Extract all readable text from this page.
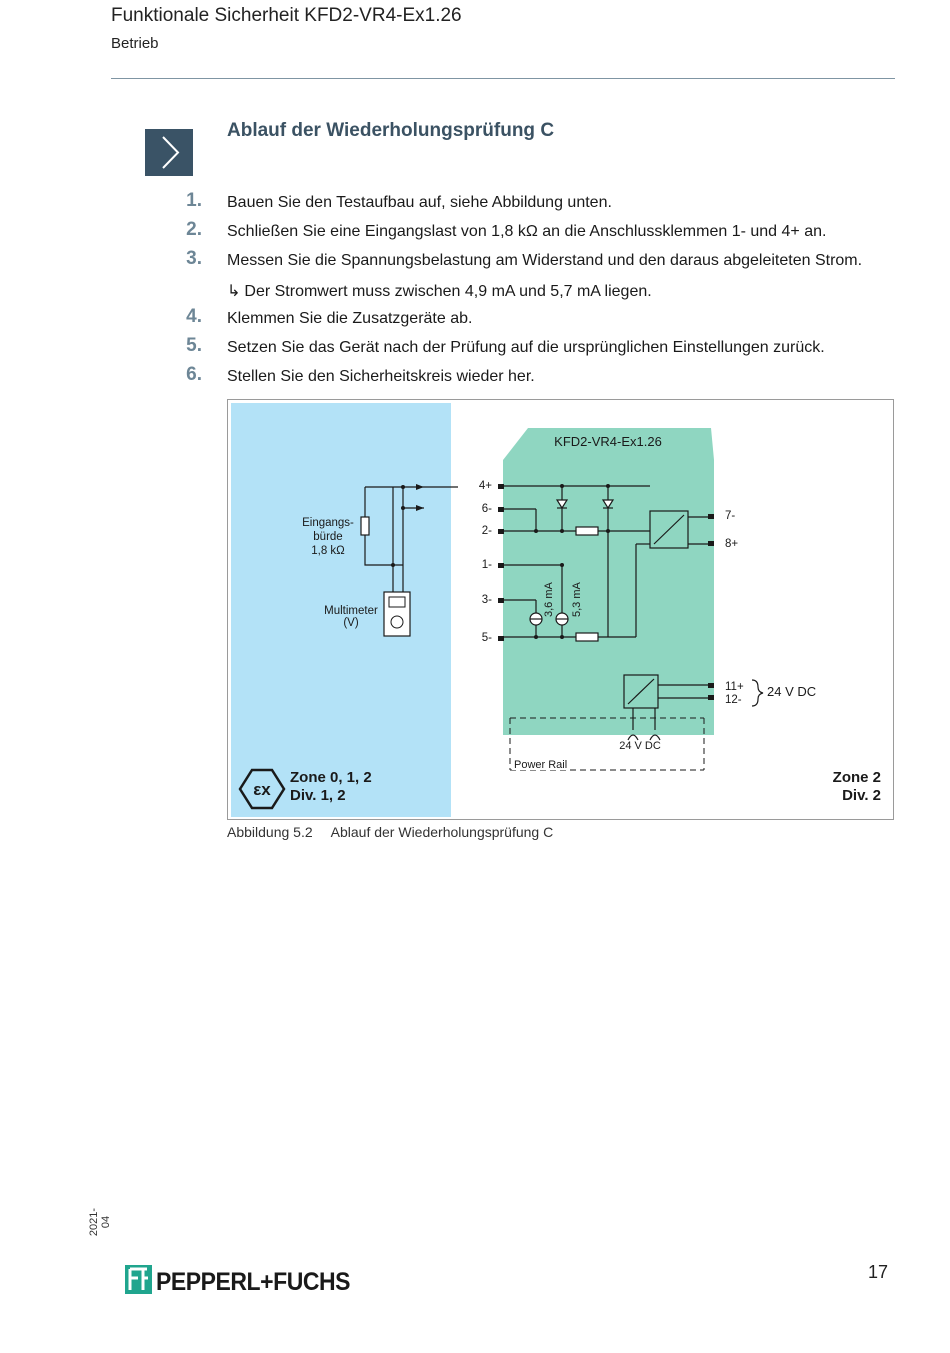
Funktionale Sicherheit KFD2-VR4-Ex1.26
Betrieb
Ablauf der Wiederholungsprüfung C
1. Bauen Sie den Testaufbau auf, siehe Abbildung unten.
2. Schließen Sie eine Eingangslast von 1,8 kΩ an die Anschlussklemmen 1- und 4+ an.
3. Messen Sie die Spannungsbelastung am Widerstand und den daraus abgeleiteten Strom.
↳ Der Stromwert muss zwischen 4,9 mA und 5,7 mA liegen.
4. Klemmen Sie die Zusatzgeräte ab.
5. Setzen Sie das Gerät nach der Prüfung auf die ursprünglichen Einstellungen zurück.
6. Stellen Sie den Sicherheitskreis wieder her.
KFD2-VR4-Ex1.26
Eingangs-
bürde
1,8 kΩ
Multimeter
(V)
4+
6-
2-
1-
3-
5-
3,6 mA 5,3 mA
7-
8+
11+
12-
24 V DC
24 V DC
Power Rail
εx
Zone 0, 1, 2
Div. 1, 2
Zone 2
Div. 2
Abbildung 5.2 Ablauf der Wiederholungsprüfung C
2021-04
PEPPERL+FUCHS	17
